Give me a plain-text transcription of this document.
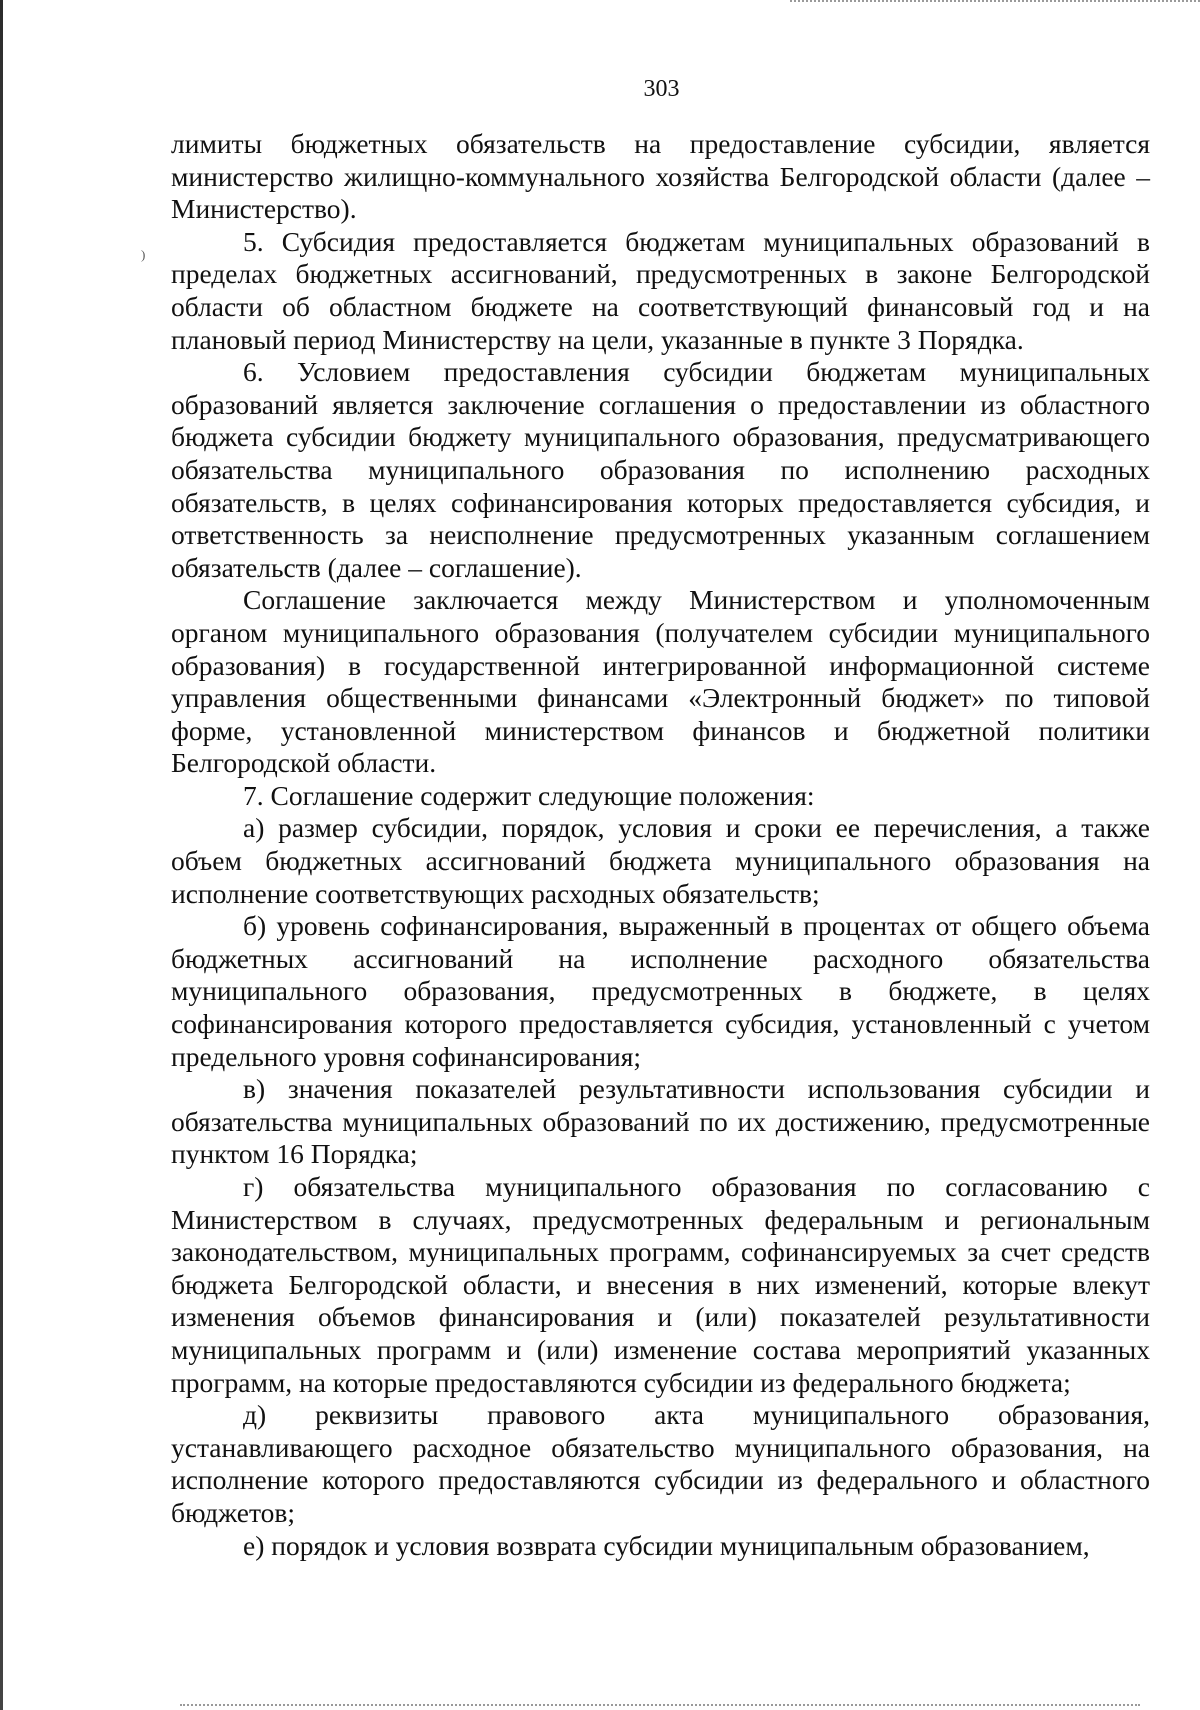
)
303

лимиты бюджетных обязательств на предоставление субсидии, является министерство жилищно-коммунального хозяйства Белгородской области (далее – Министерство).

5. Субсидия предоставляется бюджетам муниципальных образований в пределах бюджетных ассигнований, предусмотренных в законе Белгородской области об областном бюджете на соответствующий финансовый год и на плановый период Министерству на цели, указанные в пункте 3 Порядка.

6. Условием предоставления субсидии бюджетам муниципальных образований является заключение соглашения о предоставлении из областного бюджета субсидии бюджету муниципального образования, предусматривающего обязательства муниципального образования по исполнению расходных обязательств, в целях софинансирования которых предоставляется субсидия, и ответственность за неисполнение предусмотренных указанным соглашением обязательств (далее – соглашение).

Соглашение заключается между Министерством и уполномоченным органом муниципального образования (получателем субсидии муниципального образования) в государственной интегрированной информационной системе управления общественными финансами «Электронный бюджет» по типовой форме, установленной министерством финансов и бюджетной политики Белгородской области.

7. Соглашение содержит следующие положения:

а) размер субсидии, порядок, условия и сроки ее перечисления, а также объем бюджетных ассигнований бюджета муниципального образования на исполнение соответствующих расходных обязательств;

б) уровень софинансирования, выраженный в процентах от общего объема бюджетных ассигнований на исполнение расходного обязательства муниципального образования, предусмотренных в бюджете, в целях софинансирования которого предоставляется субсидия, установленный с учетом предельного уровня софинансирования;

в) значения показателей результативности использования субсидии и обязательства муниципальных образований по их достижению, предусмотренные пунктом 16 Порядка;

г) обязательства муниципального образования по согласованию с Министерством в случаях, предусмотренных федеральным и региональным законодательством, муниципальных программ, софинансируемых за счет средств бюджета Белгородской области, и внесения в них изменений, которые влекут изменения объемов финансирования и (или) показателей результативности муниципальных программ и (или) изменение состава мероприятий указанных программ, на которые предоставляются субсидии из федерального бюджета;

д) реквизиты правового акта муниципального образования, устанавливающего расходное обязательство муниципального образования, на исполнение которого предоставляются субсидии из федерального и областного бюджетов;

е) порядок и условия возврата субсидии муниципальным образованием,
